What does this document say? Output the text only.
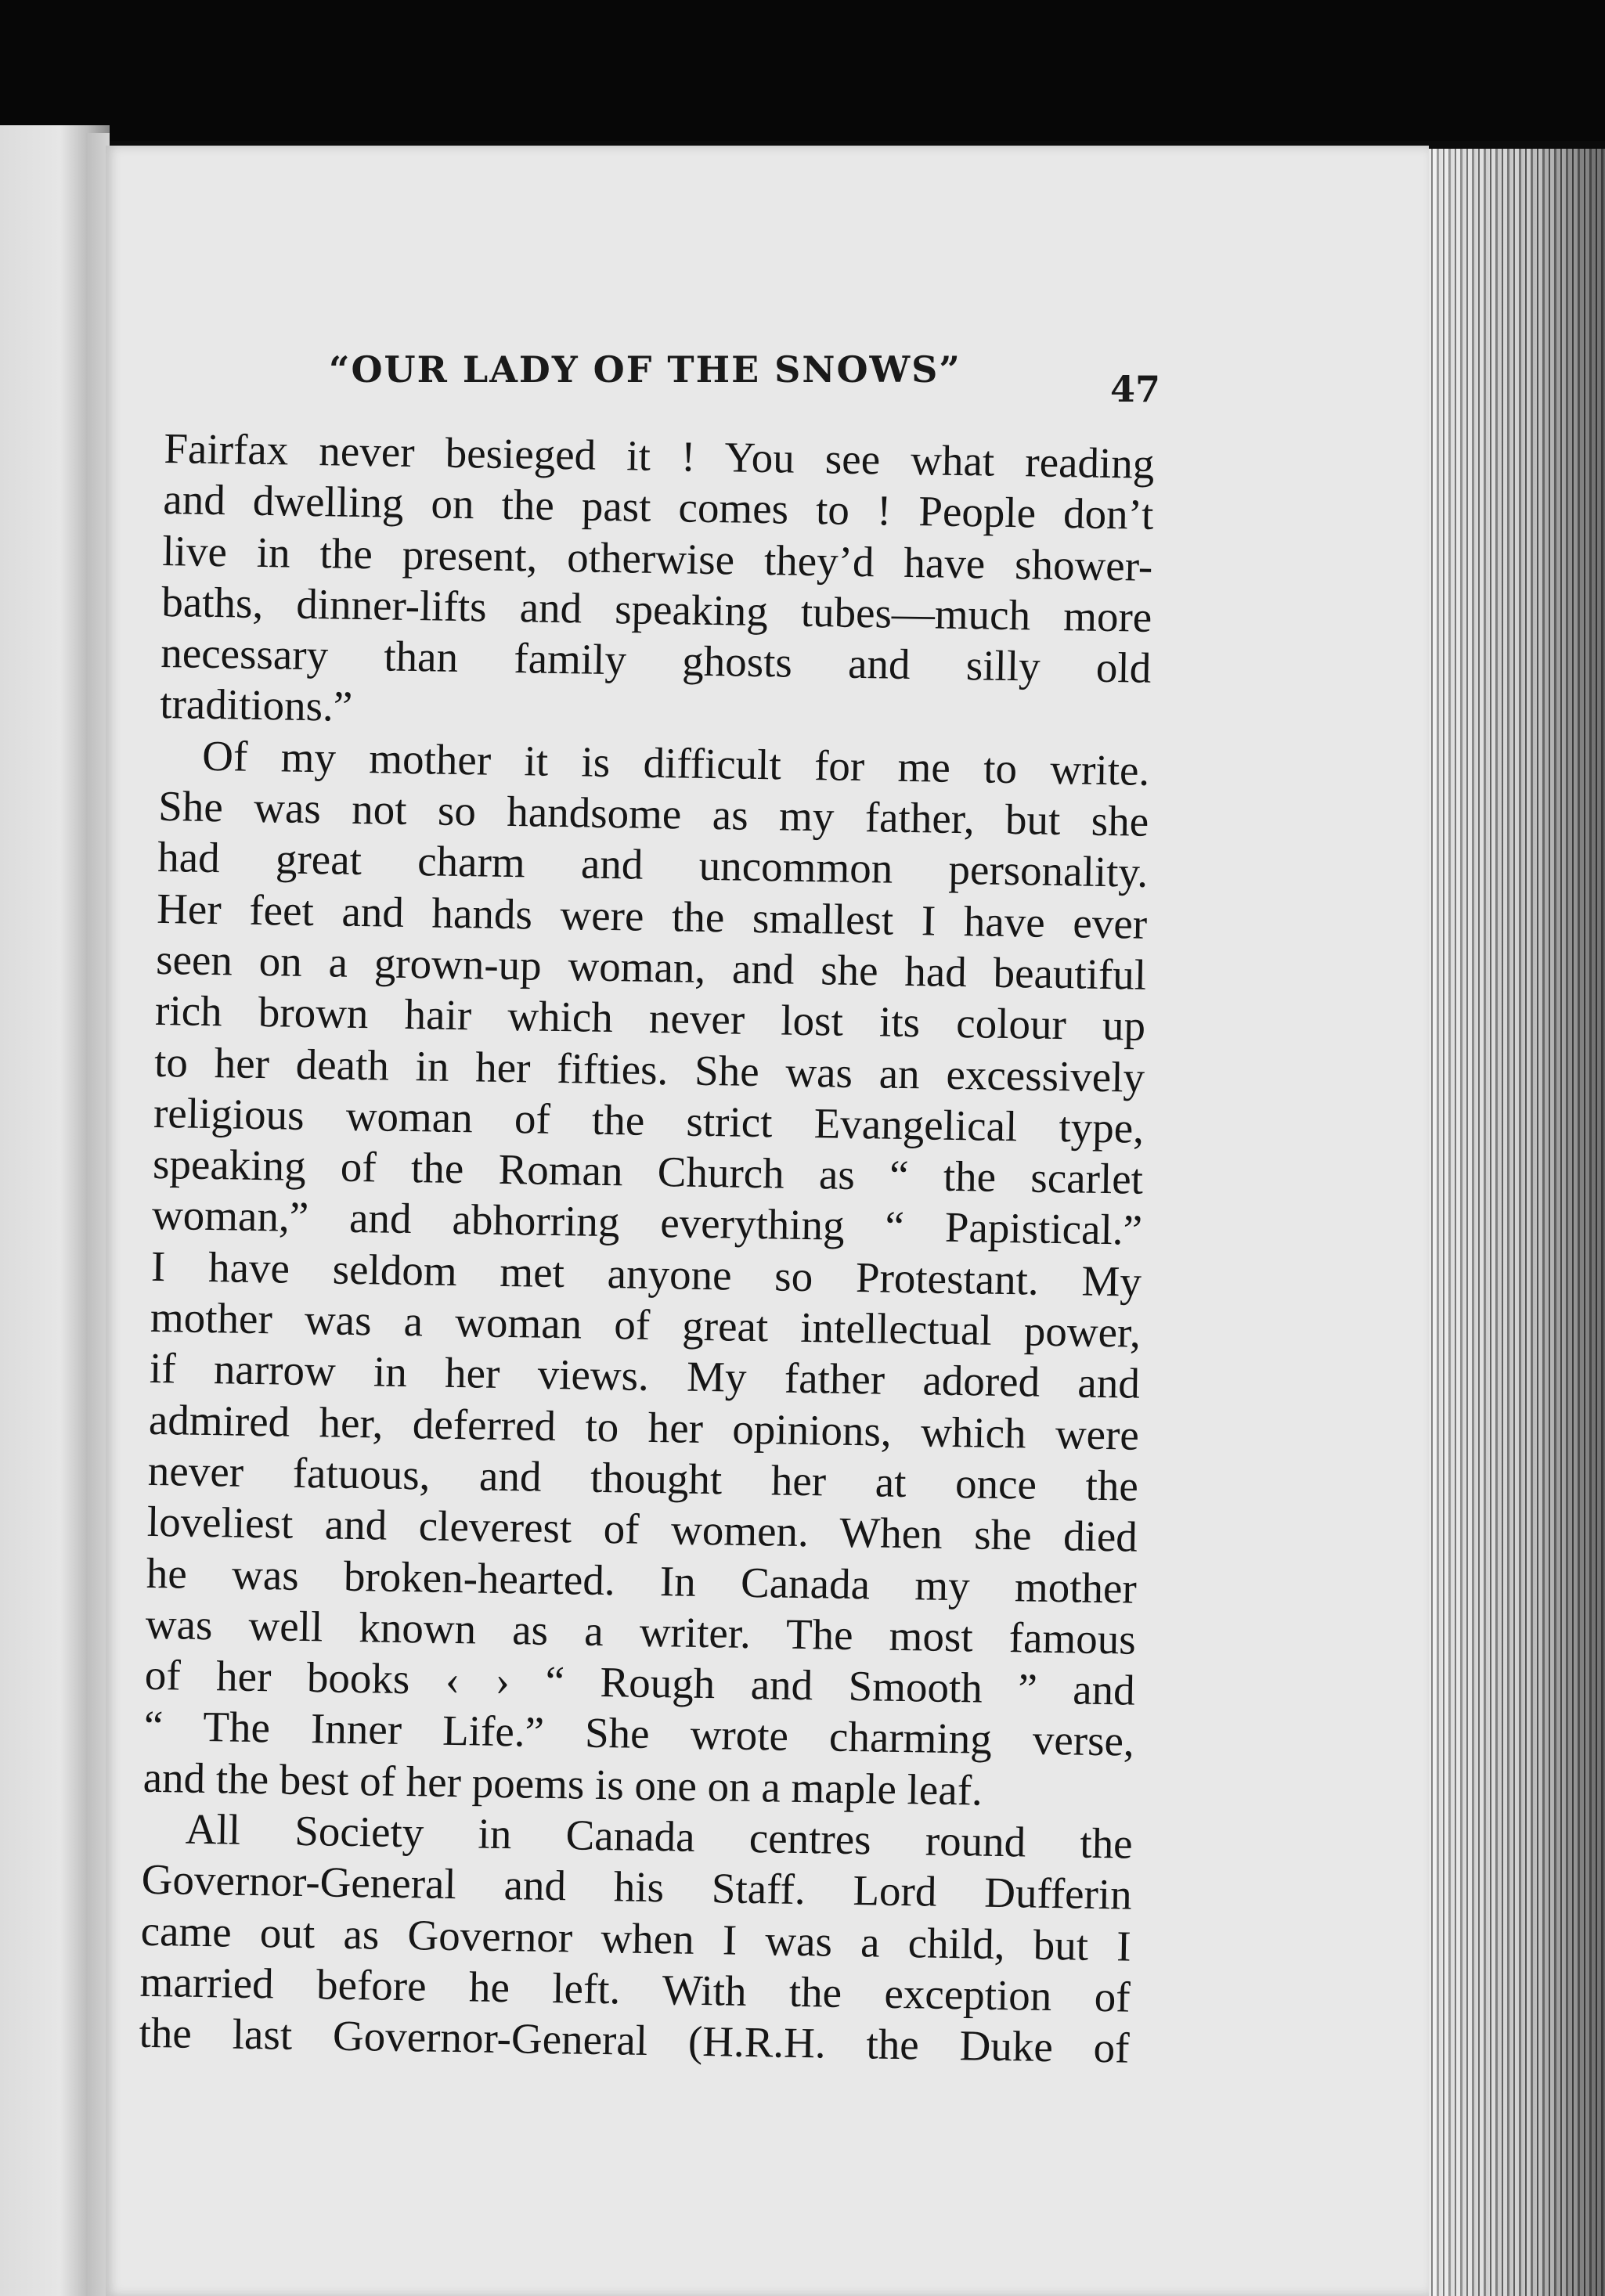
“OUR LADY OF THE SNOWS”	47

Fairfax never besieged it ! You see what reading
and dwelling on the past comes to ! People don’t
live in the present, otherwise they’d have shower-
baths, dinner-lifts and speaking tubes—much more
necessary than family ghosts and silly old
traditions.”

Of my mother it is difficult for me to write.
She was not so handsome as my father, but she
had great charm and uncommon personality.
Her feet and hands were the smallest I have ever
seen on a grown-up woman, and she had beautiful
rich brown hair which never lost its colour up
to her death in her fifties. She was an excessively
religious woman of the strict Evangelical type,
speaking of the Roman Church as “ the scarlet
woman,” and abhorring everything “ Papistical.”
I have seldom met anyone so Protestant. My
mother was a woman of great intellectual power,
if narrow in her views. My father adored and
admired her, deferred to her opinions, which were
never fatuous, and thought her at once the
loveliest and cleverest of women. When she died
he was broken-hearted. In Canada my mother
was well known as a writer. The most famous
of her books ‹ › “ Rough and Smooth ” and
“ The Inner Life.” She wrote charming verse,
and the best of her poems is one on a maple leaf.

All Society in Canada centres round the
Governor-General and his Staff. Lord Dufferin
came out as Governor when I was a child, but I
married before he left. With the exception of
the last Governor-General (H.R.H. the Duke of
